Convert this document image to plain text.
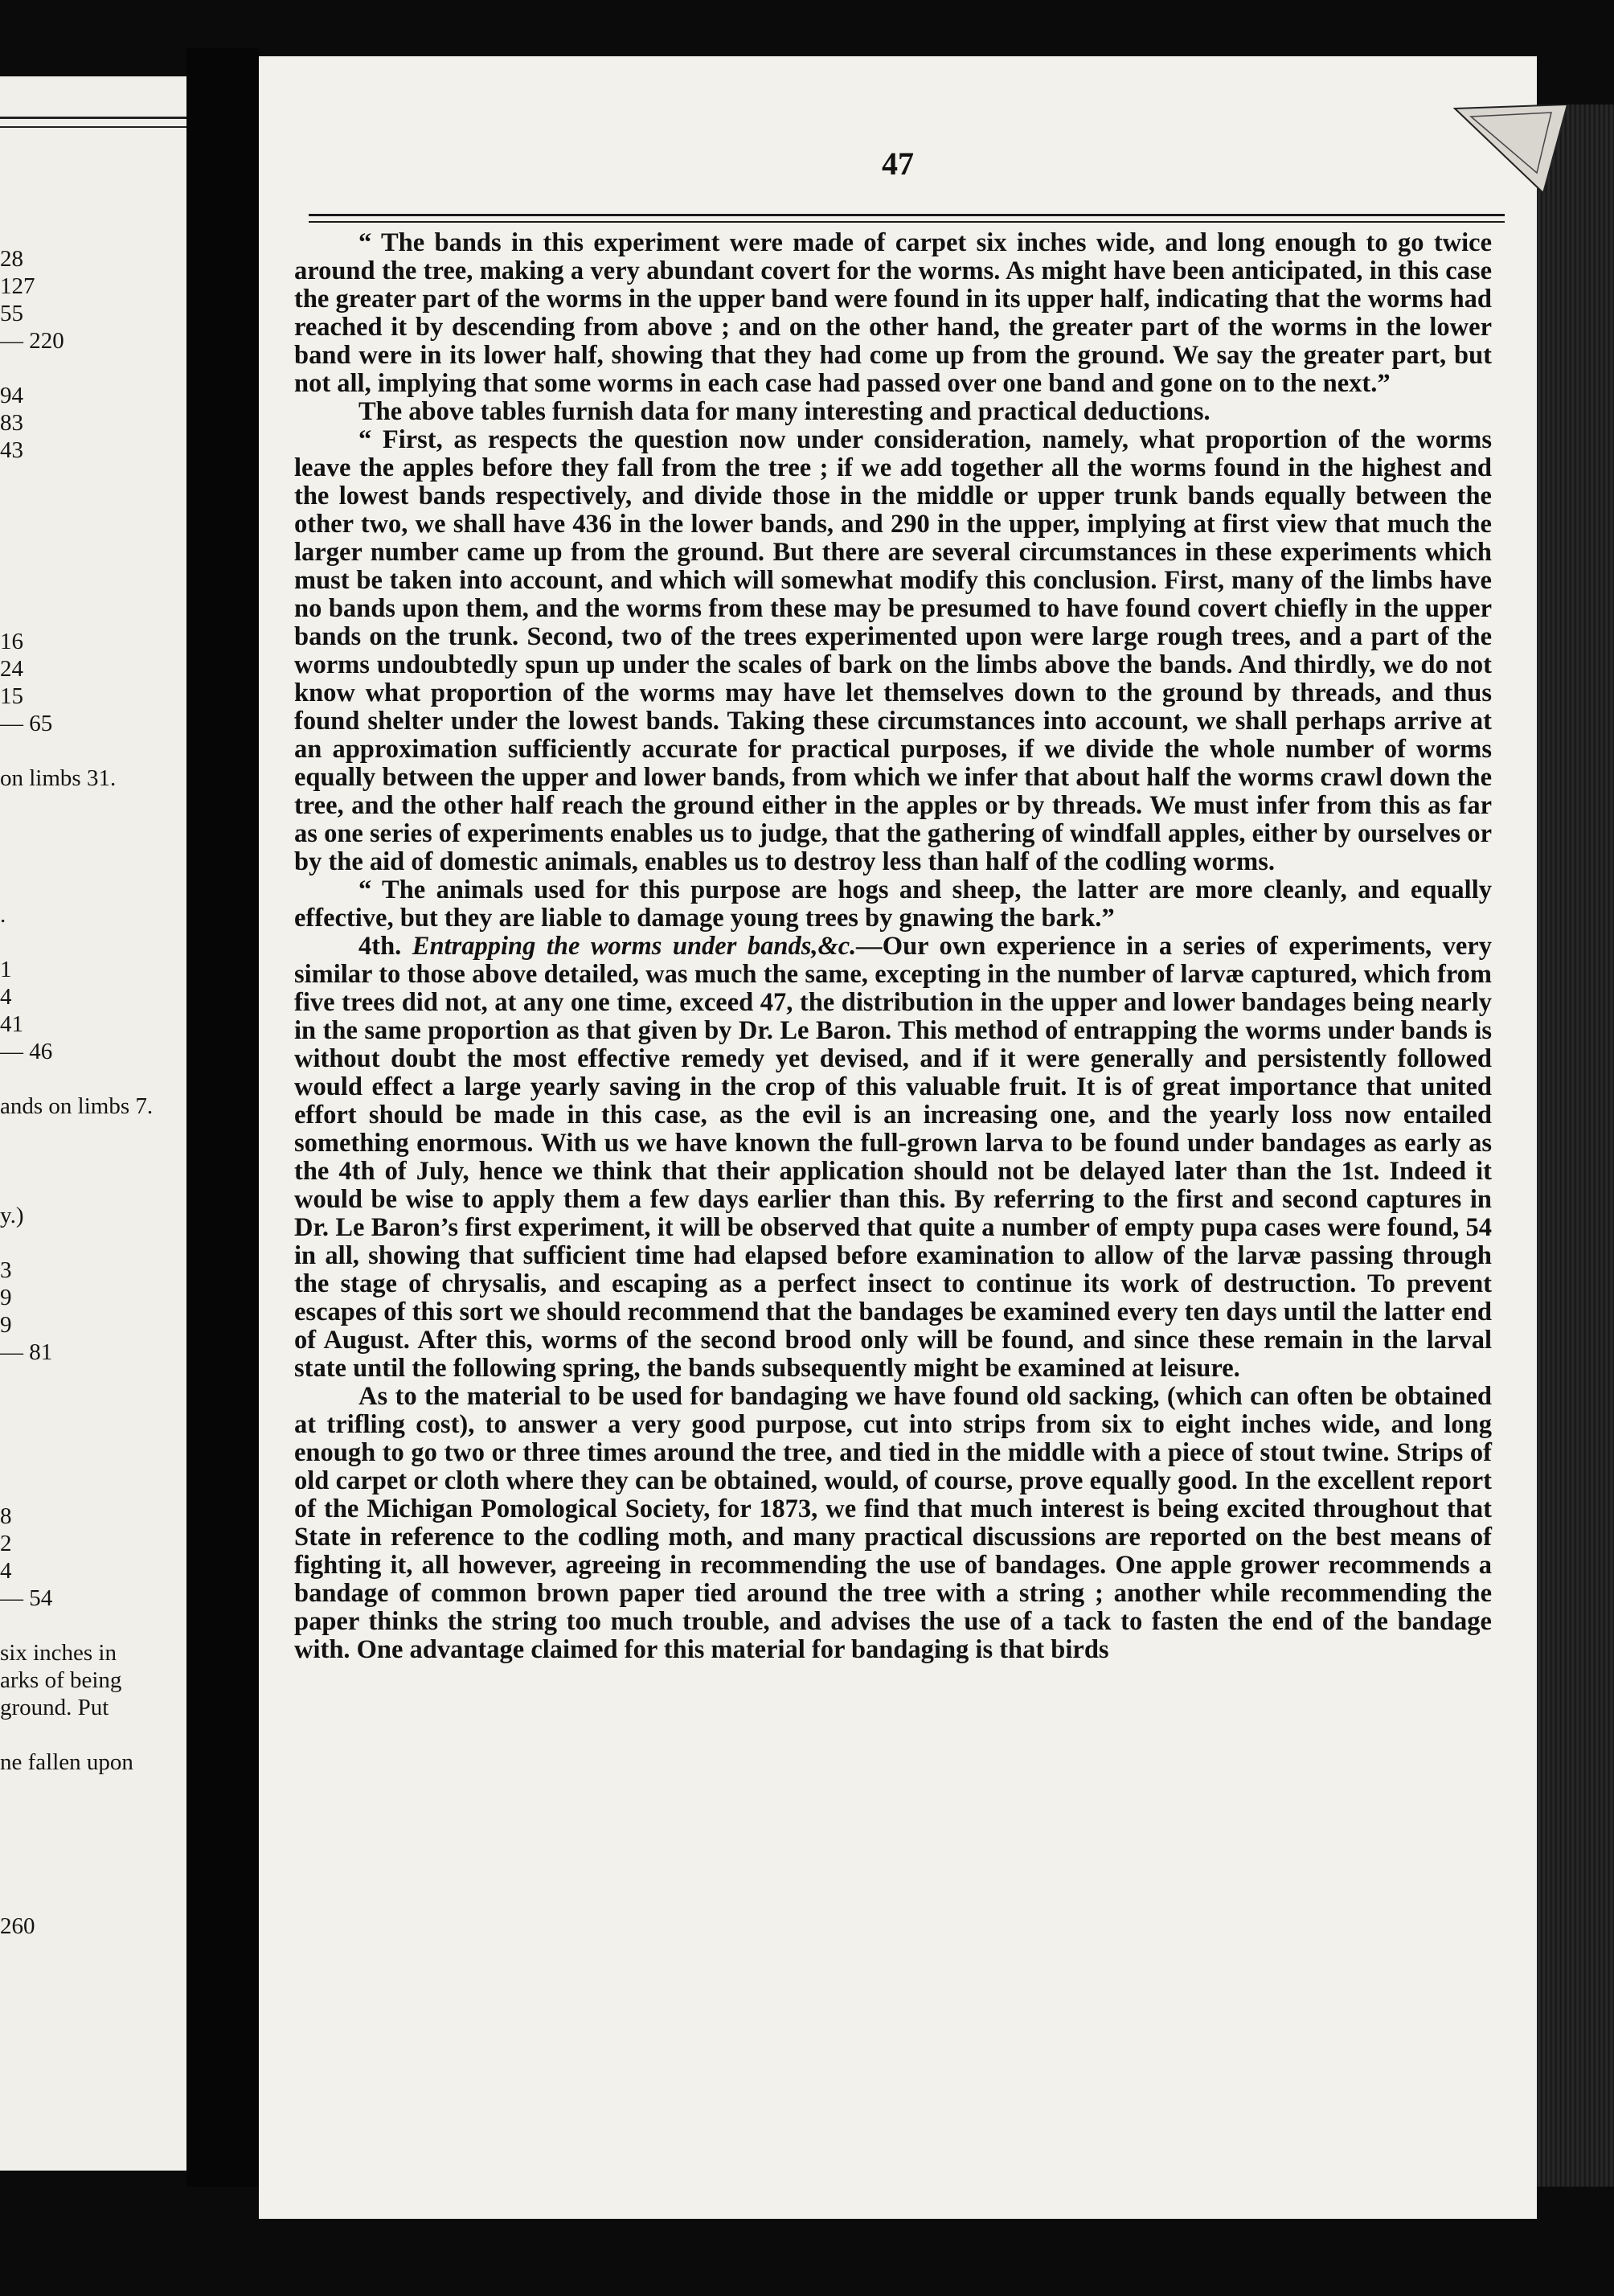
28
127
55
— 220
94
83
43
16
24
15
— 65
on limbs 31.
.
1
4
41
— 46
ands on limbs 7.
y.)
3
9
9
— 81
8
2
4
— 54
six inches in
arks of being
ground. Put
ne fallen upon
260
47

“ The bands in this experiment were made of carpet six inches wide, and long enough to go twice around the tree, making a very abundant covert for the worms. As might have been anticipated, in this case the greater part of the worms in the upper band were found in its upper half, indicating that the worms had reached it by descending from above ; and on the other hand, the greater part of the worms in the lower band were in its lower half, showing that they had come up from the ground. We say the greater part, but not all, implying that some worms in each case had passed over one band and gone on to the next.”

The above tables furnish data for many interesting and practical deductions.

“ First, as respects the question now under consideration, namely, what proportion of the worms leave the apples before they fall from the tree ; if we add together all the worms found in the highest and the lowest bands respectively, and divide those in the middle or upper trunk bands equally between the other two, we shall have 436 in the lower bands, and 290 in the upper, implying at first view that much the larger number came up from the ground. But there are several circumstances in these experiments which must be taken into account, and which will somewhat modify this conclusion. First, many of the limbs have no bands upon them, and the worms from these may be presumed to have found covert chiefly in the upper bands on the trunk. Second, two of the trees experimented upon were large rough trees, and a part of the worms undoubtedly spun up under the scales of bark on the limbs above the bands. And thirdly, we do not know what proportion of the worms may have let themselves down to the ground by threads, and thus found shelter under the lowest bands. Taking these circumstances into account, we shall perhaps arrive at an approximation sufficiently accurate for practical purposes, if we divide the whole number of worms equally between the upper and lower bands, from which we infer that about half the worms crawl down the tree, and the other half reach the ground either in the apples or by threads. We must infer from this as far as one series of experiments enables us to judge, that the gathering of windfall apples, either by ourselves or by the aid of domestic animals, enables us to destroy less than half of the codling worms.

“ The animals used for this purpose are hogs and sheep, the latter are more cleanly, and equally effective, but they are liable to damage young trees by gnawing the bark.”

4th. Entrapping the worms under bands,&c.—Our own experience in a series of experiments, very similar to those above detailed, was much the same, excepting in the number of larvæ captured, which from five trees did not, at any one time, exceed 47, the distribution in the upper and lower bandages being nearly in the same proportion as that given by Dr. Le Baron. This method of entrapping the worms under bands is without doubt the most effective remedy yet devised, and if it were generally and persistently followed would effect a large yearly saving in the crop of this valuable fruit. It is of great importance that united effort should be made in this case, as the evil is an increasing one, and the yearly loss now entailed something enormous. With us we have known the full-grown larva to be found under bandages as early as the 4th of July, hence we think that their application should not be delayed later than the 1st. Indeed it would be wise to apply them a few days earlier than this. By referring to the first and second captures in Dr. Le Baron’s first experiment, it will be observed that quite a number of empty pupa cases were found, 54 in all, showing that sufficient time had elapsed before examination to allow of the larvæ passing through the stage of chrysalis, and escaping as a perfect insect to continue its work of destruction. To prevent escapes of this sort we should recommend that the bandages be examined every ten days until the latter end of August. After this, worms of the second brood only will be found, and since these remain in the larval state until the following spring, the bands subsequently might be examined at leisure.

As to the material to be used for bandaging we have found old sacking, (which can often be obtained at trifling cost), to answer a very good purpose, cut into strips from six to eight inches wide, and long enough to go two or three times around the tree, and tied in the middle with a piece of stout twine. Strips of old carpet or cloth where they can be obtained, would, of course, prove equally good. In the excellent report of the Michigan Pomological Society, for 1873, we find that much interest is being excited throughout that State in reference to the codling moth, and many practical discussions are reported on the best means of fighting it, all however, agreeing in recommending the use of bandages. One apple grower recommends a bandage of common brown paper tied around the tree with a string ; another while recommending the paper thinks the string too much trouble, and advises the use of a tack to fasten the end of the bandage with. One advantage claimed for this material for bandaging is that birds
